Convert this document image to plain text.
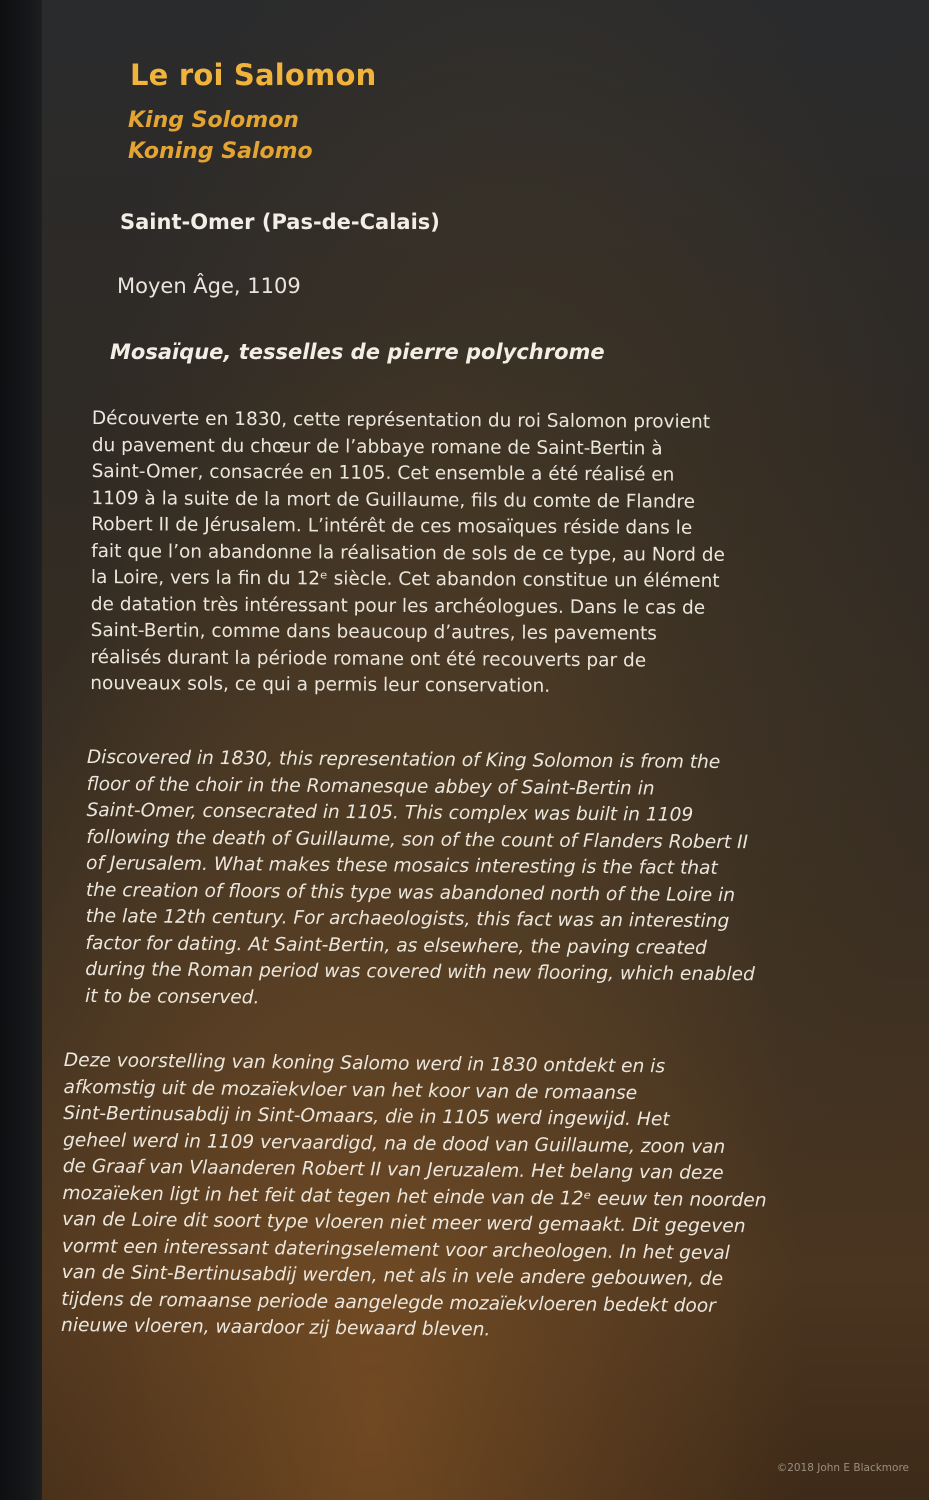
Le roi Salomon

King Solomon

Koning Salomo

Saint-Omer (Pas-de-Calais)

Moyen Âge, 1109

Mosaïque, tesselles de pierre polychrome

Découverte en 1830, cette représentation du roi Salomon provient
du pavement du chœur de l’abbaye romane de Saint-Bertin à
Saint-Omer, consacrée en 1105. Cet ensemble a été réalisé en
1109 à la suite de la mort de Guillaume, fils du comte de Flandre
Robert II de Jérusalem. L’intérêt de ces mosaïques réside dans le
fait que l’on abandonne la réalisation de sols de ce type, au Nord de
la Loire, vers la fin du 12ᵉ siècle. Cet abandon constitue un élément
de datation très intéressant pour les archéologues. Dans le cas de
Saint-Bertin, comme dans beaucoup d’autres, les pavements
réalisés durant la période romane ont été recouverts par de
nouveaux sols, ce qui a permis leur conservation.
Discovered in 1830, this representation of King Solomon is from the
floor of the choir in the Romanesque abbey of Saint-Bertin in
Saint-Omer, consecrated in 1105. This complex was built in 1109
following the death of Guillaume, son of the count of Flanders Robert II
of Jerusalem. What makes these mosaics interesting is the fact that
the creation of floors of this type was abandoned north of the Loire in
the late 12th century. For archaeologists, this fact was an interesting
factor for dating. At Saint-Bertin, as elsewhere, the paving created
during the Roman period was covered with new flooring, which enabled
it to be conserved.
Deze voorstelling van koning Salomo werd in 1830 ontdekt en is
afkomstig uit de mozaïekvloer van het koor van de romaanse
Sint-Bertinusabdij in Sint-Omaars, die in 1105 werd ingewijd. Het
geheel werd in 1109 vervaardigd, na de dood van Guillaume, zoon van
de Graaf van Vlaanderen Robert II van Jeruzalem. Het belang van deze
mozaïeken ligt in het feit dat tegen het einde van de 12ᵉ eeuw ten noorden
van de Loire dit soort type vloeren niet meer werd gemaakt. Dit gegeven
vormt een interessant dateringselement voor archeologen. In het geval
van de Sint-Bertinusabdij werden, net als in vele andere gebouwen, de
tijdens de romaanse periode aangelegde mozaïekvloeren bedekt door
nieuwe vloeren, waardoor zij bewaard bleven.

©2018 John E Blackmore
